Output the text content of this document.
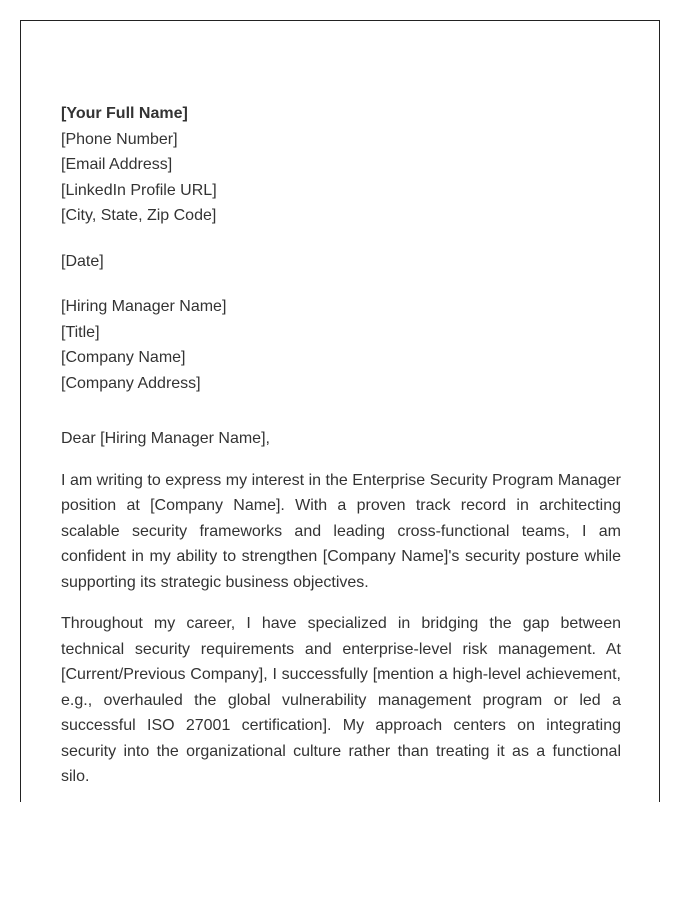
[Your Full Name]
[Phone Number]
[Email Address]
[LinkedIn Profile URL]
[City, State, Zip Code]
[Date]
[Hiring Manager Name]
[Title]
[Company Name]
[Company Address]

Dear [Hiring Manager Name],

I am writing to express my interest in the Enterprise Security Program Manager position at [Company Name]. With a proven track record in architecting scalable security frameworks and leading cross-functional teams, I am confident in my ability to strengthen [Company Name]'s security posture while supporting its strategic business objectives.

Throughout my career, I have specialized in bridging the gap between technical security requirements and enterprise-level risk management. At [Current/Previous Company], I successfully [mention a high-level achievement, e.g., overhauled the global vulnerability management program or led a successful ISO 27001 certification]. My approach centers on integrating security into the organizational culture rather than treating it as a functional silo.
